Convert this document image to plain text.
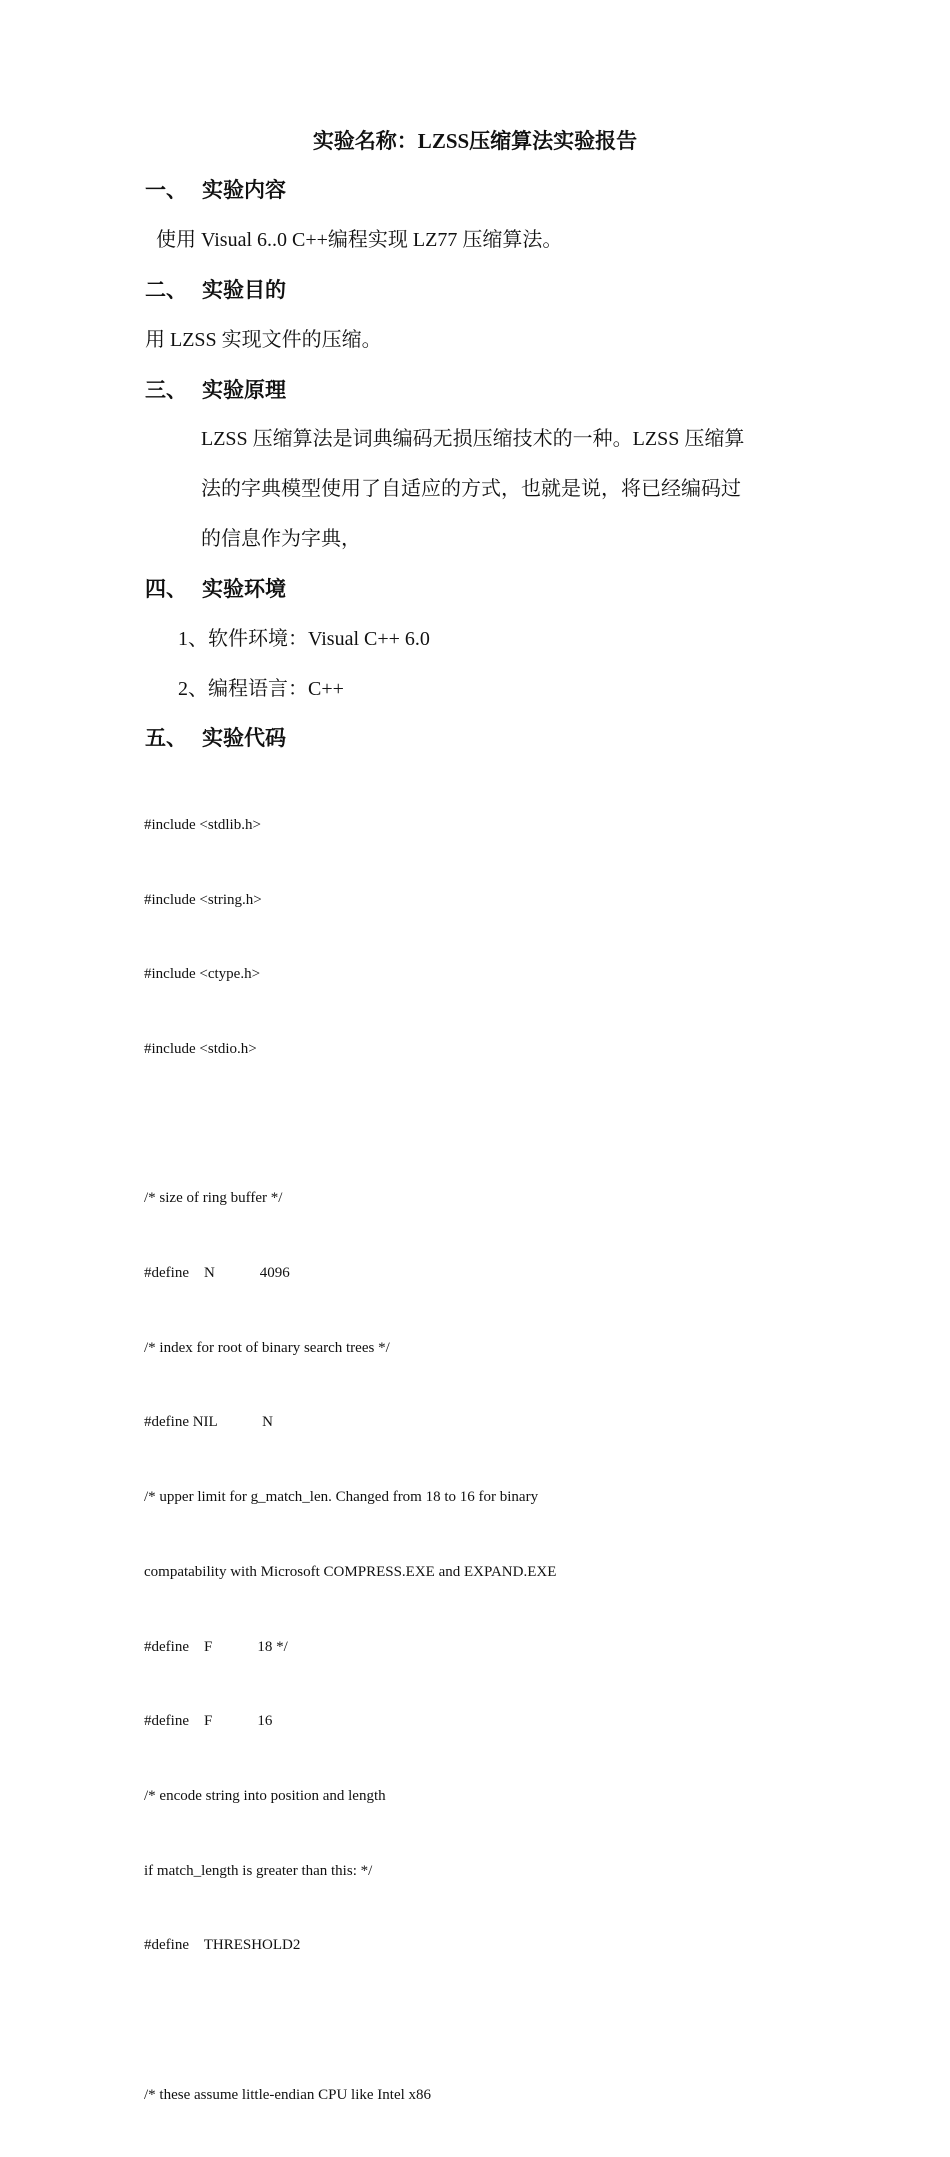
实验名称：LZSS压缩算法实验报告
一、 实验内容
使用 Visual 6..0 C++编程实现 LZ77 压缩算法。
二、 实验目的
用 LZSS 实现文件的压缩。
三、 实验原理
LZSS 压缩算法是词典编码无损压缩技术的一种。LZSS 压缩算
法的字典模型使用了自适应的方式，也就是说，将已经编码过
的信息作为字典，
四、 实验环境
1、软件环境：Visual C++ 6.0
2、编程语言：C++
五、 实验代码

#include <stdlib.h>

#include <string.h>

#include <ctype.h>

#include <stdio.h>

/* size of ring buffer */

#define    N            4096

/* index for root of binary search trees */

#define NIL            N

/* upper limit for g_match_len. Changed from 18 to 16 for binary

compatability with Microsoft COMPRESS.EXE and EXPAND.EXE

#define    F            18 */

#define    F            16

/* encode string into position and length

if match_length is greater than this: */

#define    THRESHOLD2

/* these assume little-endian CPU like Intel x86
